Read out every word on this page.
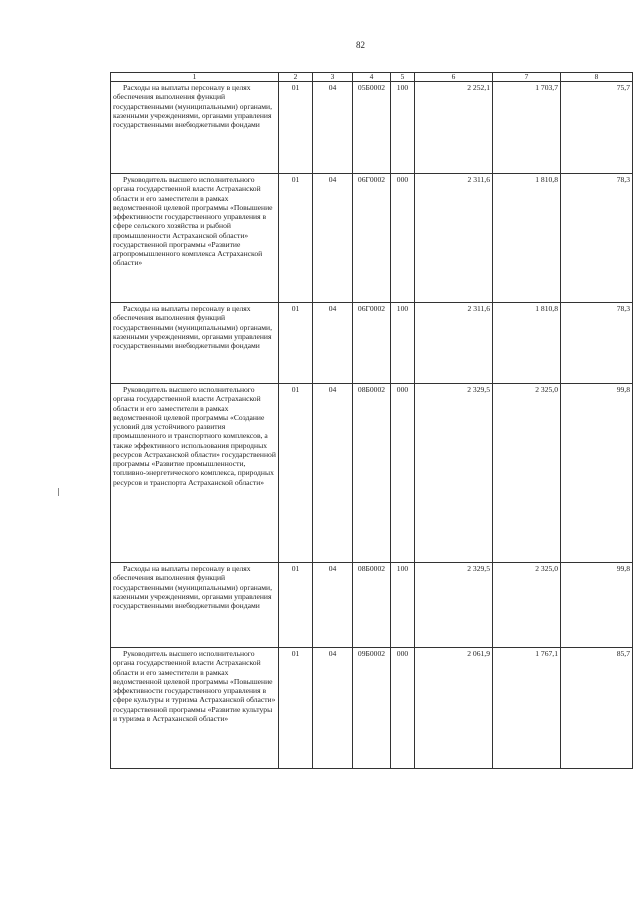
82
1	2	3	4	5	6	7	8
Расходы на выплаты персоналу в целях обеспечения выполнения функций государственными (муниципальными) органами, казенными учреждениями, органами управления государственными внебюджетными фондами	01	04	05Б0002	100	2 252,1	1 703,7	75,7
Руководитель высшего исполнительного органа государственной власти Астраханской области и его заместители в рамках ведомственной целевой программы «Повышение эффективности государственного управления в сфере сельского хозяйства и рыбной промышленности Астраханской области» государственной программы «Развитие агропромышленного комплекса Астраханской области»	01	04	06Г0002	000	2 311,6	1 810,8	78,3
Расходы на выплаты персоналу в целях обеспечения выполнения функций государственными (муниципальными) органами, казенными учреждениями, органами управления государственными внебюджетными фондами	01	04	06Г0002	100	2 311,6	1 810,8	78,3
Руководитель высшего исполнительного органа государственной власти Астраханской области и его заместители в рамках ведомственной целевой программы «Создание условий для устойчивого развития промышленного и транспортного комплексов, а также эффективного использования природных ресурсов Астраханской области» государственной программы «Развитие промышленности, топливно-энергетического комплекса, природных ресурсов и транспорта Астраханской области»	01	04	08Б0002	000	2 329,5	2 325,0	99,8
Расходы на выплаты персоналу в целях обеспечения выполнения функций государственными (муниципальными) органами, казенными учреждениями, органами управления государственными внебюджетными фондами	01	04	08Б0002	100	2 329,5	2 325,0	99,8
Руководитель высшего исполнительного органа государственной власти Астраханской области и его заместители в рамках ведомственной целевой программы «Повышение эффективности государственного управления в сфере культуры и туризма Астраханской области» государственной программы «Развитие культуры и туризма в Астраханской области»	01	04	09Б0002	000	2 061,9	1 767,1	85,7
